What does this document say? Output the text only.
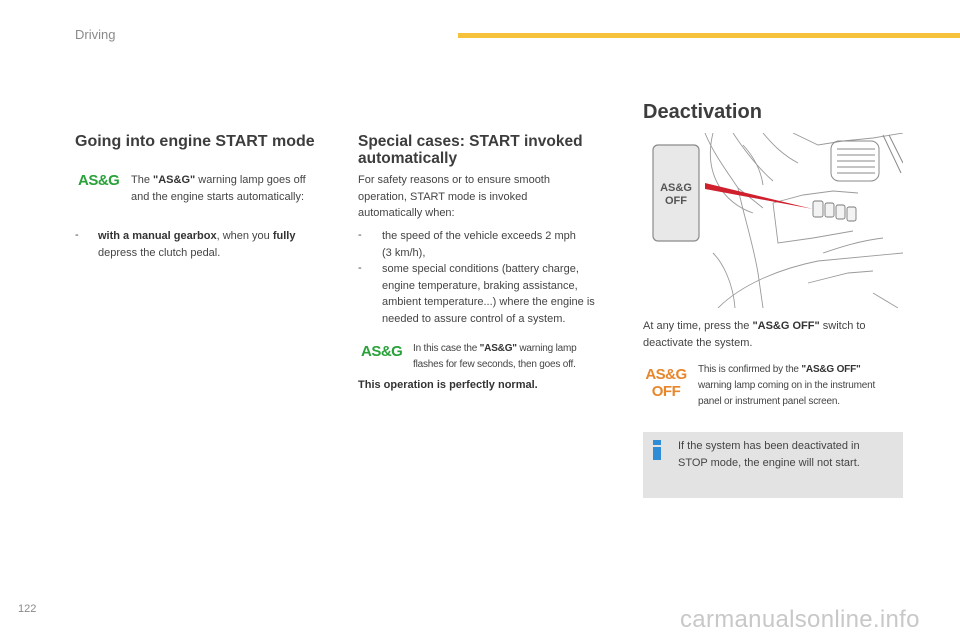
Driving
Going into engine START mode
AS&G The "AS&G" warning lamp goes off
and the engine starts automatically:
- with a manual gearbox, when you fully
depress the clutch pedal.
Special cases: START invoked
automatically
For safety reasons or to ensure smooth
operation, START mode is invoked
automatically when:
- the speed of the vehicle exceeds 2 mph
(3 km/h),
- some special conditions (battery charge,
engine temperature, braking assistance,
ambient temperature...) where the engine is
needed to assure control of a system.
AS&G In this case the "AS&G" warning lamp
flashes for few seconds, then goes off.
This operation is perfectly normal.
Deactivation
AS&G
OFF
At any time, press the "AS&G OFF" switch to
deactivate the system.
AS&G
OFF
This is confirmed by the "AS&G OFF"
warning lamp coming on in the instrument
panel or instrument panel screen.
If the system has been deactivated in
STOP mode, the engine will not start.
122	carmanualsonline.info
